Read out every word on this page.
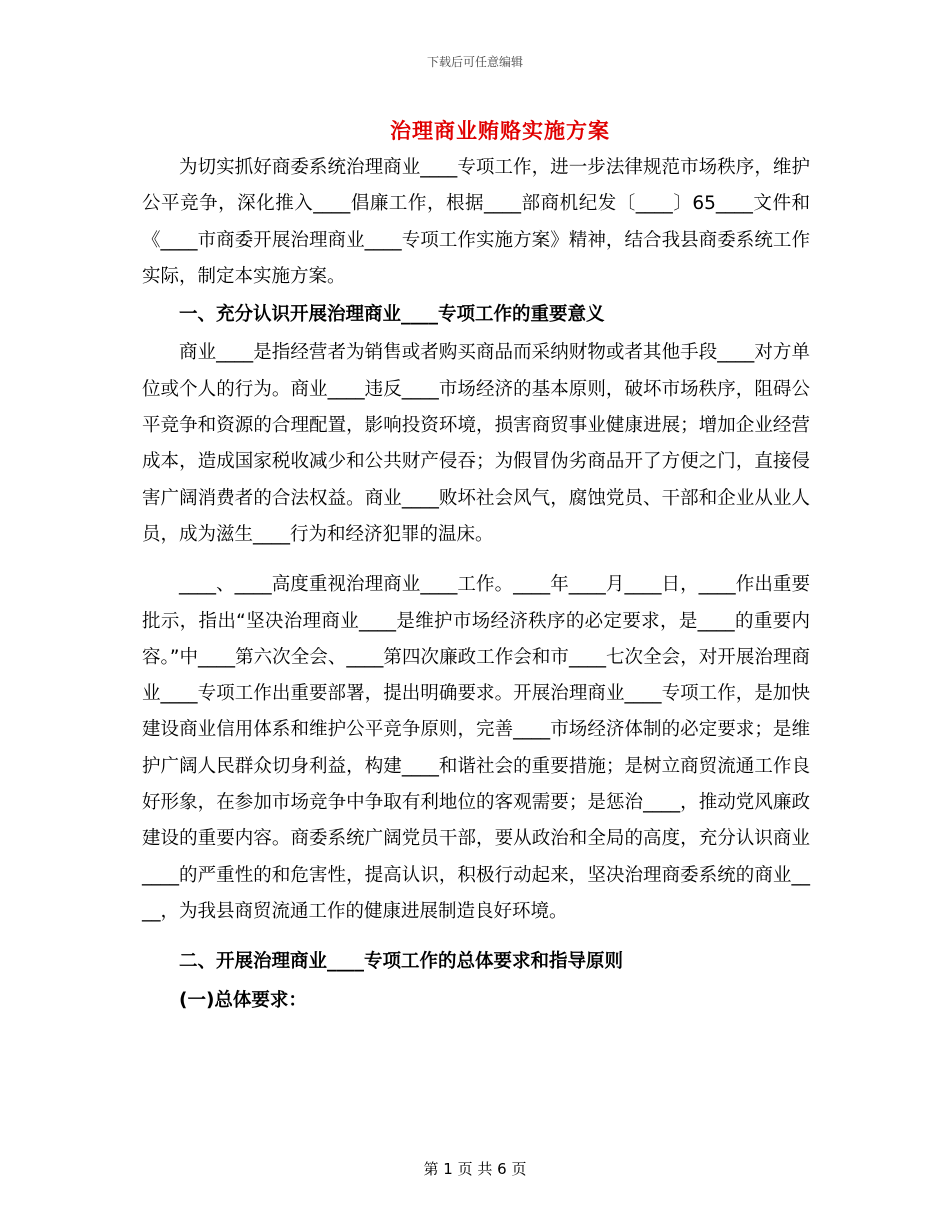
下载后可任意编辑
治理商业贿赂实施方案

为切实抓好商委系统治理商业____专项工作，进一步法律规范市场秩序，维护公平竞争，深化推入____倡廉工作，根据____部商机纪发〔____〕65____文件和《____市商委开展治理商业____专项工作实施方案》精神，结合我县商委系统工作实际，制定本实施方案。

一、充分认识开展治理商业____专项工作的重要意义

商业____是指经营者为销售或者购买商品而采纳财物或者其他手段____对方单位或个人的行为。商业____违反____市场经济的基本原则，破坏市场秩序，阻碍公平竞争和资源的合理配置，影响投资环境，损害商贸事业健康进展；增加企业经营成本，造成国家税收减少和公共财产侵吞；为假冒伪劣商品开了方便之门，直接侵害广阔消费者的合法权益。商业____败坏社会风气，腐蚀党员、干部和企业从业人员，成为滋生____行为和经济犯罪的温床。

____、____高度重视治理商业____工作。____年____月____日，____作出重要批示，指出“坚决治理商业____是维护市场经济秩序的必定要求，是____的重要内容。”中____第六次全会、____第四次廉政工作会和市____七次全会，对开展治理商业____专项工作出重要部署，提出明确要求。开展治理商业____专项工作，是加快建设商业信用体系和维护公平竞争原则，完善____市场经济体制的必定要求；是维护广阔人民群众切身利益，构建____和谐社会的重要措施；是树立商贸流通工作良好形象，在参加市场竞争中争取有利地位的客观需要；是惩治____，推动党风廉政建设的重要内容。商委系统广阔党员干部，要从政治和全局的高度，充分认识商业____的严重性的和危害性，提高认识，积极行动起来，坚决治理商委系统的商业____，为我县商贸流通工作的健康进展制造良好环境。

二、开展治理商业____专项工作的总体要求和指导原则

(一)总体要求：

第 1 页 共 6 页
